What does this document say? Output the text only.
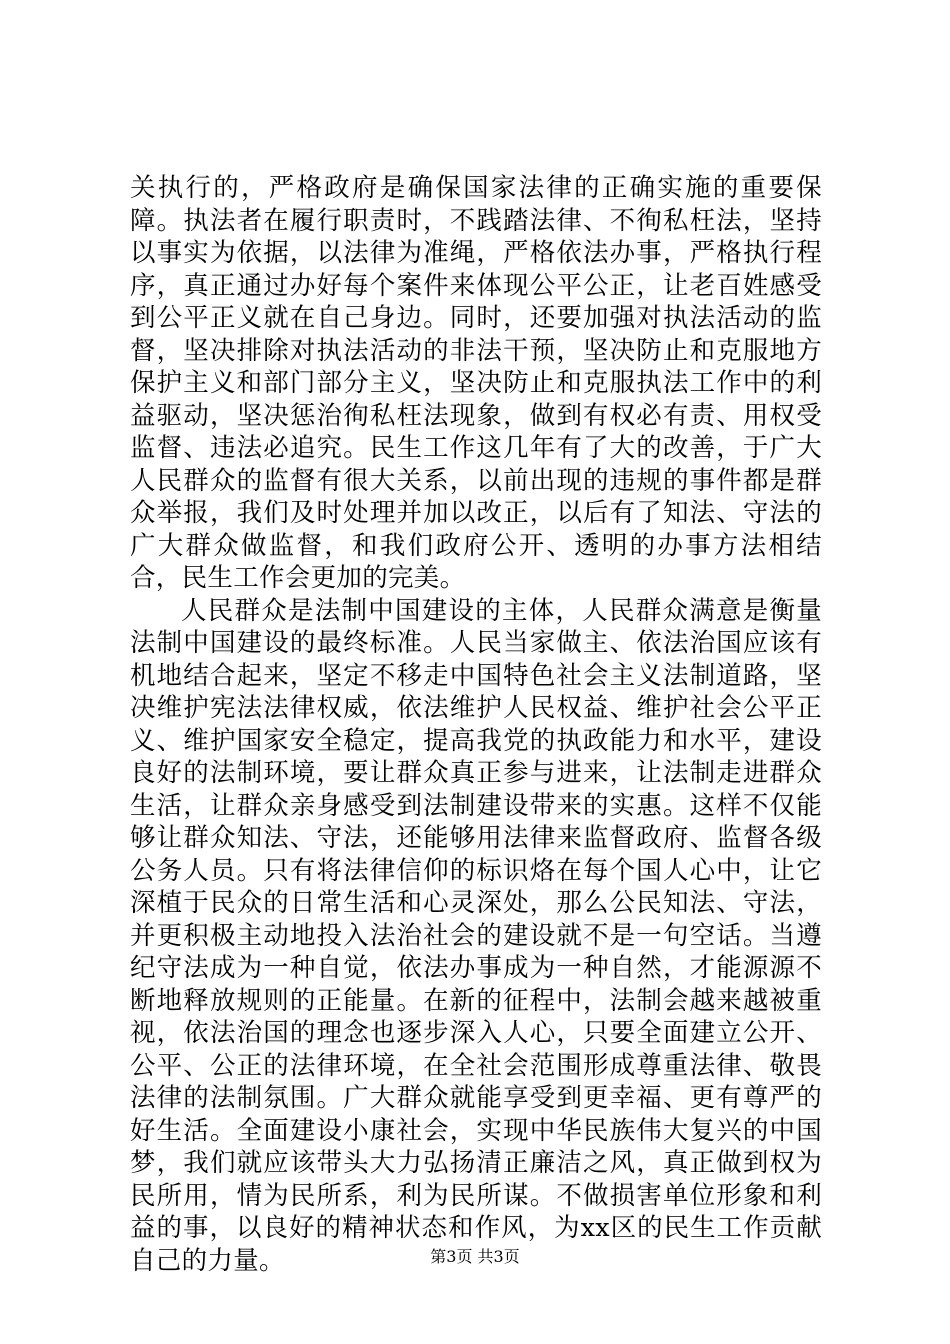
关执行的，严格政府是确保国家法律的正确实施的重要保障。执法者在履行职责时，不践踏法律、不徇私枉法，坚持以事实为依据，以法律为准绳，严格依法办事，严格执行程序，真正通过办好每个案件来体现公平公正，让老百姓感受到公平正义就在自己身边。同时，还要加强对执法活动的监督，坚决排除对执法活动的非法干预，坚决防止和克服地方保护主义和部门部分主义，坚决防止和克服执法工作中的利益驱动，坚决惩治徇私枉法现象，做到有权必有责、用权受监督、违法必追究。民生工作这几年有了大的改善，于广大人民群众的监督有很大关系，以前出现的违规的事件都是群众举报，我们及时处理并加以改正，以后有了知法、守法的广大群众做监督，和我们政府公开、透明的办事方法相结合，民生工作会更加的完美。

人民群众是法制中国建设的主体，人民群众满意是衡量法制中国建设的最终标准。人民当家做主、依法治国应该有机地结合起来，坚定不移走中国特色社会主义法制道路，坚决维护宪法法律权威，依法维护人民权益、维护社会公平正义、维护国家安全稳定，提高我党的执政能力和水平，建设良好的法制环境，要让群众真正参与进来，让法制走进群众生活，让群众亲身感受到法制建设带来的实惠。这样不仅能够让群众知法、守法，还能够用法律来监督政府、监督各级公务人员。只有将法律信仰的标识烙在每个国人心中，让它深植于民众的日常生活和心灵深处，那么公民知法、守法，并更积极主动地投入法治社会的建设就不是一句空话。当遵纪守法成为一种自觉，依法办事成为一种自然，才能源源不断地释放规则的正能量。在新的征程中，法制会越来越被重视，依法治国的理念也逐步深入人心，只要全面建立公开、公平、公正的法律环境，在全社会范围形成尊重法律、敬畏法律的法制氛围。广大群众就能享受到更幸福、更有尊严的好生活。全面建设小康社会，实现中华民族伟大复兴的中国梦，我们就应该带头大力弘扬清正廉洁之风，真正做到权为民所用，情为民所系，利为民所谋。不做损害单位形象和利益的事，以良好的精神状态和作风，为xx区的民生工作贡献自己的力量。	第3页 共3页
